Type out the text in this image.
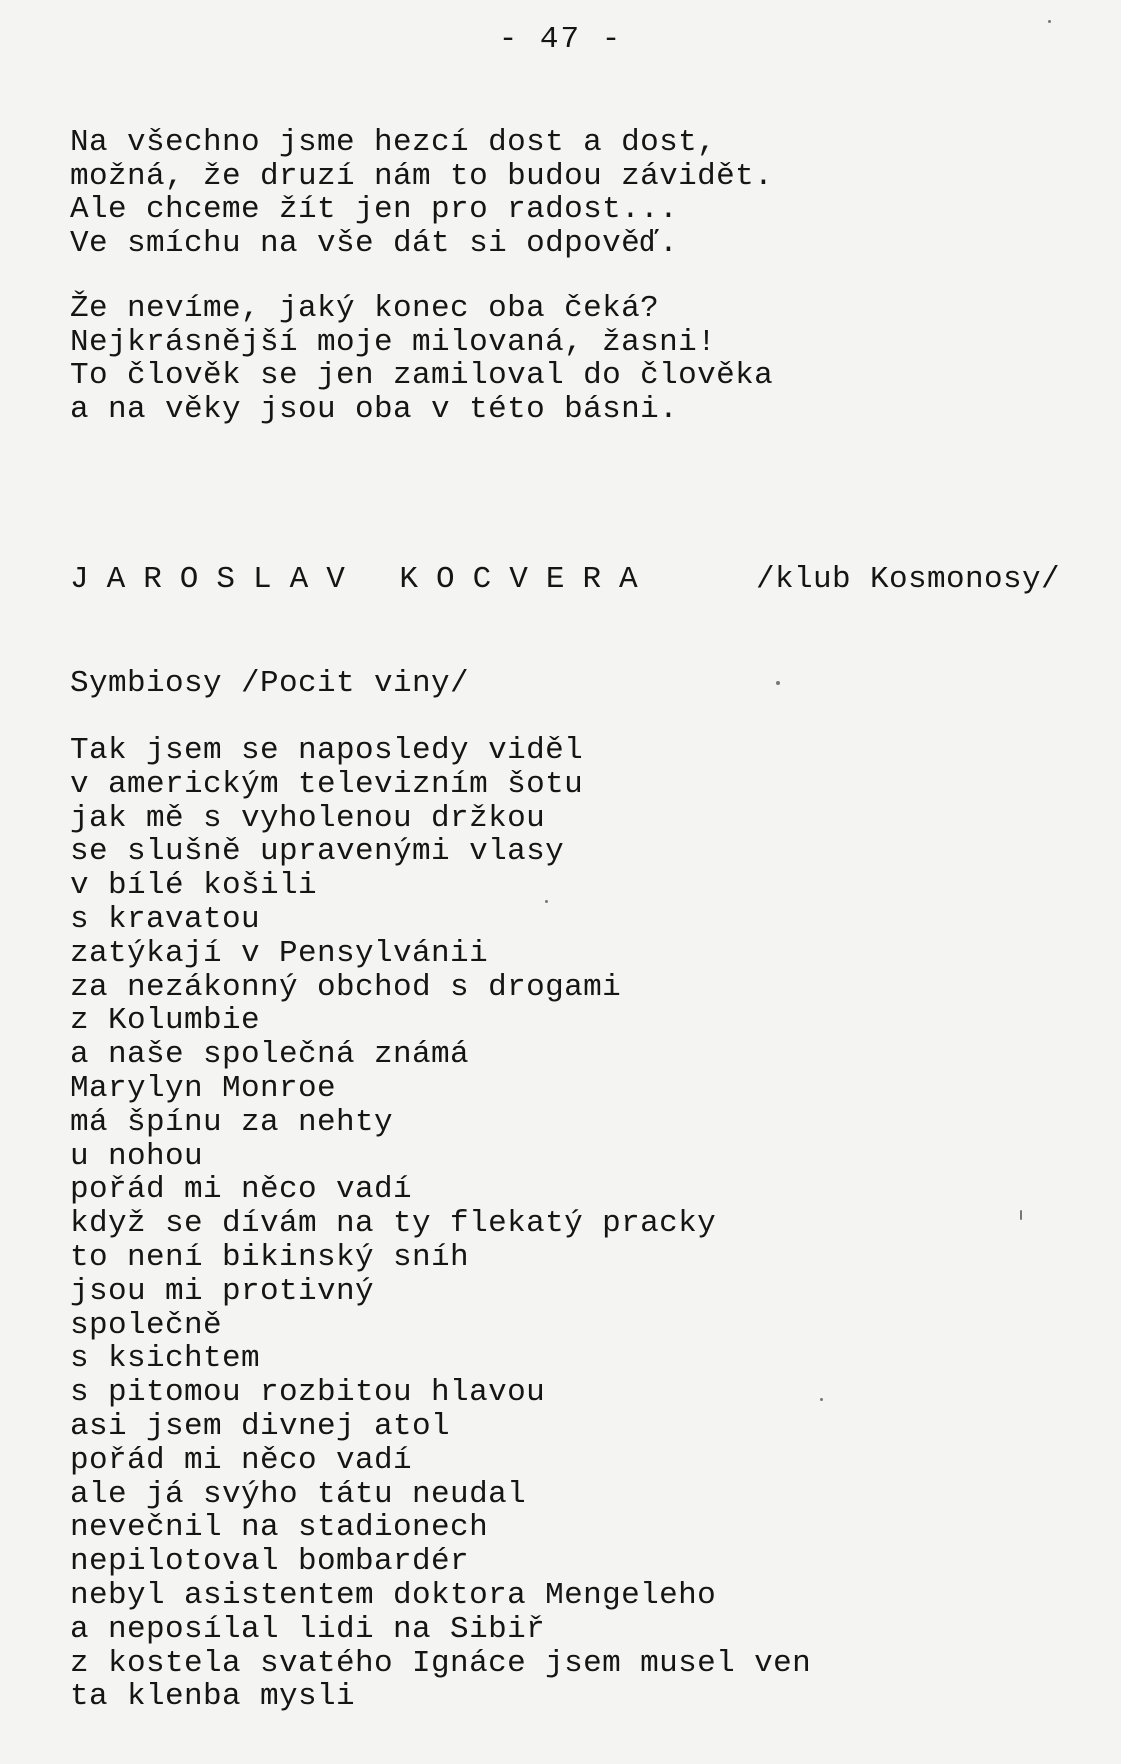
- 47 -
Na všechno jsme hezcí dost a dost,
možná, že druzí nám to budou závidět.
Ale chceme žít jen pro radost...
Ve smíchu na vše dát si odpověď.
Že nevíme, jaký konec oba čeká?
Nejkrásnější moje milovaná, žasni!
To člověk se jen zamiloval do člověka
a na věky jsou oba v této básni.
JAROSLAV KOCVERA	/klub Kosmonosy/
Symbiosy /Pocit viny/
Tak jsem se naposledy viděl
v americkým televizním šotu
jak mě s vyholenou držkou
se slušně upravenými vlasy
v bílé košili
s kravatou
zatýkají v Pensylvánii
za nezákonný obchod s drogami
z Kolumbie
a naše společná známá
Marylyn Monroe
má špínu za nehty
u nohou
pořád mi něco vadí
když se dívám na ty flekatý pracky
to není bikinský sníh
jsou mi protivný
společně
s ksichtem
s pitomou rozbitou hlavou
asi jsem divnej atol
pořád mi něco vadí
ale já svýho tátu neudal
nevečnil na stadionech
nepilotoval bombardér
nebyl asistentem doktora Mengeleho
a neposílal lidi na Sibiř
z kostela svatého Ignáce jsem musel ven
ta klenba mysli
